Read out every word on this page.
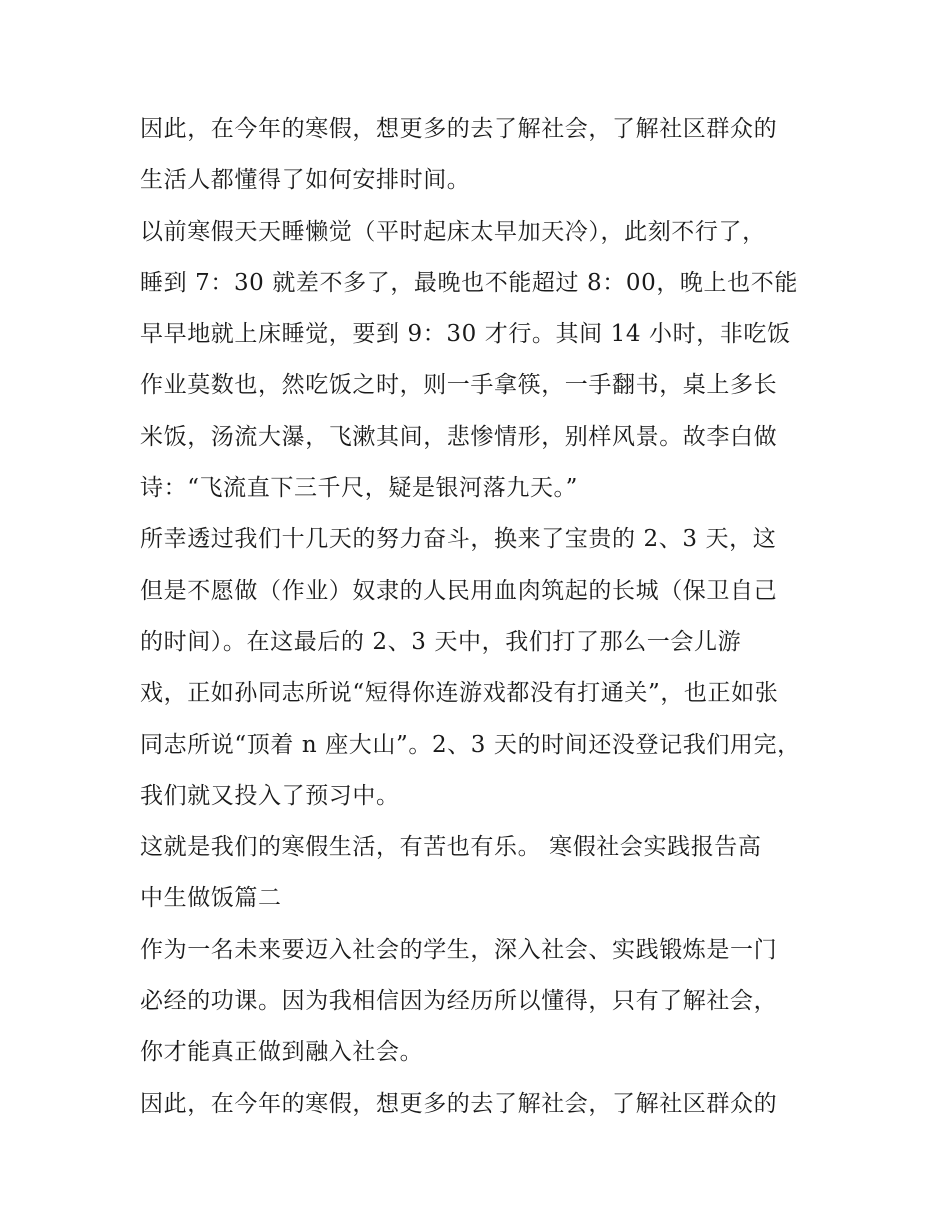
因此，在今年的寒假，想更多的去了解社会，了解社区群众的
生活人都懂得了如何安排时间。
以前寒假天天睡懒觉（平时起床太早加天冷），此刻不行了，
睡到 7：30 就差不多了，最晚也不能超过 8：00，晚上也不能
早早地就上床睡觉，要到 9：30 才行。其间 14 小时，非吃饭
作业莫数也，然吃饭之时，则一手拿筷，一手翻书，桌上多长
米饭，汤流大瀑，飞漱其间，悲惨情形，别样风景。故李白做
诗：“飞流直下三千尺，疑是银河落九天。”
所幸透过我们十几天的努力奋斗，换来了宝贵的 2、3 天，这
但是不愿做（作业）奴隶的人民用血肉筑起的长城（保卫自己
的时间）。在这最后的 2、3 天中，我们打了那么一会儿游
戏，正如孙同志所说“短得你连游戏都没有打通关”，也正如张
同志所说“顶着 n 座大山”。2、3 天的时间还没登记我们用完，
我们就又投入了预习中。
这就是我们的寒假生活，有苦也有乐。 寒假社会实践报告高
中生做饭篇二
作为一名未来要迈入社会的学生，深入社会、实践锻炼是一门
必经的功课。因为我相信因为经历所以懂得，只有了解社会，
你才能真正做到融入社会。
因此，在今年的寒假，想更多的去了解社会，了解社区群众的
